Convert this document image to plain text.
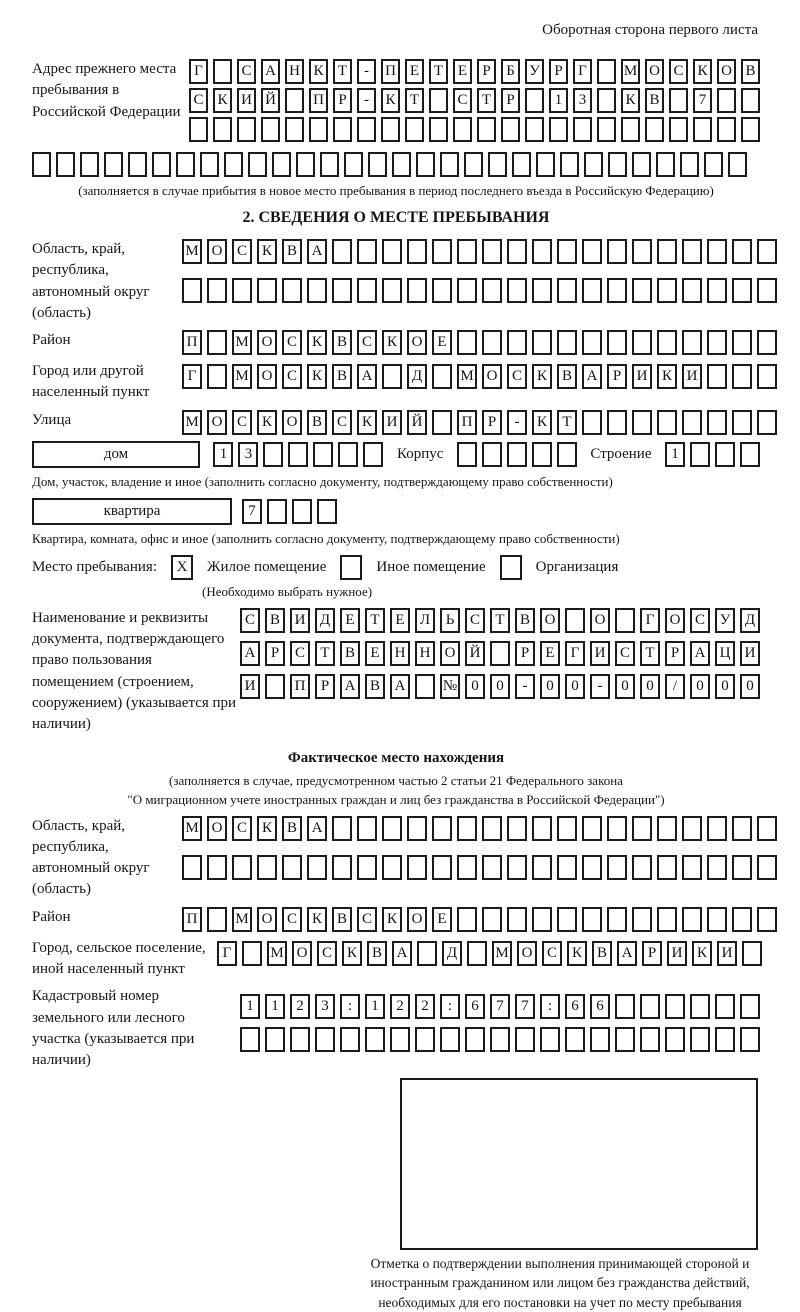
Оборотная сторона первого листа
Адрес прежнего места пребывания в Российской Федерации
Г	С А Н К Т	-	П Е Т Е	Р	Б У Р	Г	М О С К О В
С К И Й П Р	-	К Т	С Т	Р	1	3	К В	7
(заполняется в случае прибытия в новое место пребывания в период последнего въезда в Российскую Федерацию)
2. СВЕДЕНИЯ О МЕСТЕ ПРЕБЫВАНИЯ
Область, край, республика, автономный округ (область)
М О С К В А
Район	П	М О С К В С К О Е
Город или другой населенный пункт
Г	М О С К В А	Д	М О С К В А	Р	И К И
Улица	М О С К О В С К И Й	П	Р	-	К	Т
дом	1	3	Корпус	Строение	1
Дом, участок, владение и иное (заполнить согласно документу, подтверждающему право собственности)
квартира	7
Квартира, комната, офис и иное (заполнить согласно документу, подтверждающему право собственности)
Место пребывания:	X	Жилое помещение	Иное помещение	Организация
(Необходимо выбрать нужное)
Наименование и реквизиты документа, подтверждающего право пользования помещением (строением, сооружением) (указывается при наличии)
С В И Д	Е	Т	Е	Л	Ь	С	Т	В О	О	Г	О С У Д
А	Р	С	Т	В	Е	Н Н О Й	Р	Е	Г	И С	Т	Р	А Ц И
И	П	Р	А В А	№ 0	0	-	0	0	-	0	0	/	0	0	0
Фактическое место нахождения
(заполняется в случае, предусмотренном частью 2 статьи 21 Федерального закона
"О миграционном учете иностранных граждан и лиц без гражданства в Российской Федерации")
Область, край, республика, автономный округ (область)
М О С К В А
Район	П	М О С К В С К О Е
Город, сельское поселение, иной населенный пункт
Г	М О С К В А	Д	М О С К В А	Р	И К И
Кадастровый номер земельного или лесного участка (указывается при наличии)
1	1	2	3	:	1	2	2	:	6	7	7	:	6	6
Отметка о подтверждении выполнения принимающей стороной и иностранным гражданином или лицом без гражданства действий, необходимых для его постановки на учет по месту пребывания
